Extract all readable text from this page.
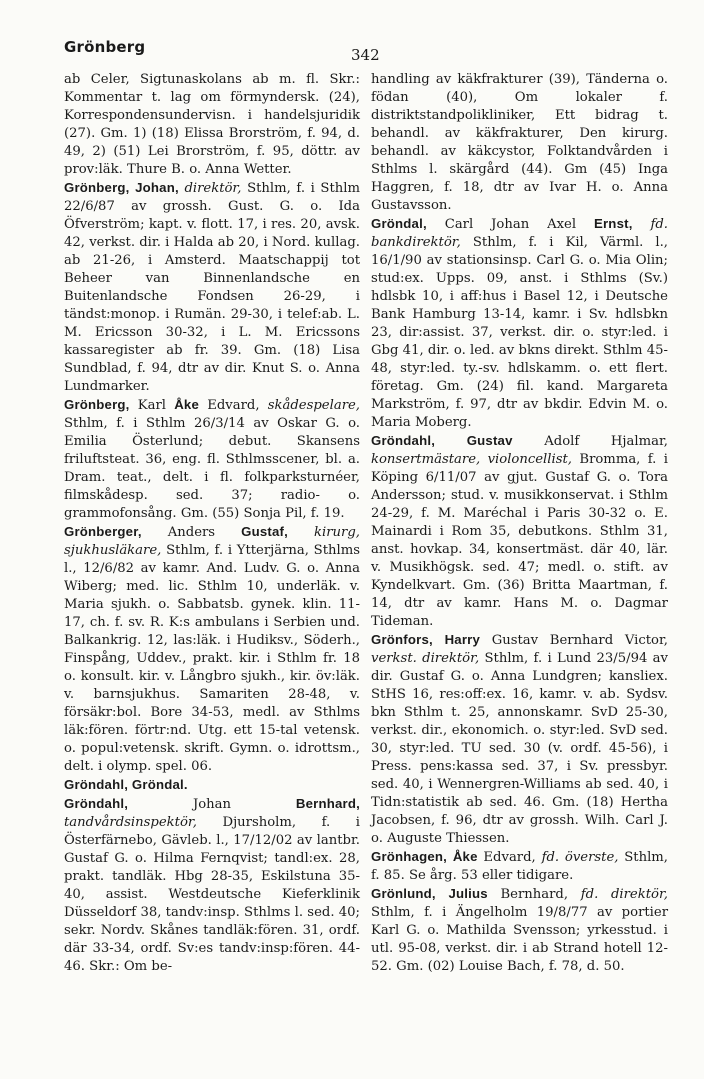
Grönberg	342

ab Celer, Sigtunaskolans ab m. fl. Skr.: Kommentar t. lag om förmyndersk. (24), Korrespondensundervisn. i handelsjuridik (27). Gm. 1) (18) Elissa Brorström, f. 94, d. 49, 2) (51) Lei Brorström, f. 95, döttr. av prov:läk. Thure B. o. Anna Wetter.

Grönberg, Johan, direktör, Sthlm, f. i Sthlm 22/6/87 av grossh. Gust. G. o. Ida Öfverström; kapt. v. flott. 17, i res. 20, avsk. 42, verkst. dir. i Halda ab 20, i Nord. kullag. ab 21-26, i Amsterd. Maatschappij tot Beheer van Binnenlandsche en Buitenlandsche Fondsen 26-29, i tändst:monop. i Rumän. 29-30, i telef:ab. L. M. Ericsson 30-32, i L. M. Ericssons kassaregister ab fr. 39. Gm. (18) Lisa Sundblad, f. 94, dtr av dir. Knut S. o. Anna Lundmarker.

Grönberg, Karl Åke Edvard, skådespelare, Sthlm, f. i Sthlm 26/3/14 av Oskar G. o. Emilia Österlund; debut. Skansens friluftsteat. 36, eng. fl. Sthlmsscener, bl. a. Dram. teat., delt. i fl. folkparksturnéer, filmskådesp. sed. 37; radio- o. grammofonsång. Gm. (55) Sonja Pil, f. 19.

Grönberger, Anders Gustaf, kirurg, sjukhusläkare, Sthlm, f. i Ytterjärna, Sthlms l., 12/6/82 av kamr. And. Ludv. G. o. Anna Wiberg; med. lic. Sthlm 10, underläk. v. Maria sjukh. o. Sabbatsb. gynek. klin. 11-17, ch. f. sv. R. K:s ambulans i Serbien und. Balkankrig. 12, las:läk. i Hudiksv., Söderh., Finspång, Uddev., prakt. kir. i Sthlm fr. 18 o. konsult. kir. v. Långbro sjukh., kir. öv:läk. v. barnsjukhus. Samariten 28-48, v. försäkr:bol. Bore 34-53, medl. av Sthlms läk:fören. förtr:nd. Utg. ett 15-tal vetensk. o. popul:vetensk. skrift. Gymn. o. idrottsm., delt. i olymp. spel. 06.

Gröndahl, Gröndal.

Gröndahl,	Johan	Bernhard, tandvårdsinspektör, Djursholm, f. i Österfärnebo, Gävleb. l., 17/12/02 av lantbr. Gustaf G. o. Hilma Fernqvist; tandl:ex. 28, prakt. tandläk. Hbg 28-35, Eskilstuna 35-40, assist. Westdeutsche Kieferklinik Düsseldorf 38, tandv:insp. Sthlms l. sed. 40; sekr. Nordv. Skånes tandläk:fören. 31, ordf. där 33-34, ordf. Sv:es tandv:insp:fören. 44-46. Skr.: Om be-

handling av käkfrakturer (39), Tänderna o. födan (40), Om lokaler f. distriktstandpolikliniker, Ett bidrag t. behandl. av käkfrakturer, Den kirurg. behandl. av käkcystor, Folktandvården i Sthlms l. skärgård (44). Gm (45) Inga Haggren, f. 18, dtr av Ivar H. o. Anna Gustavsson.

Gröndal, Carl Johan Axel Ernst, fd. bankdirektör, Sthlm, f. i Kil, Värml. l., 16/1/90 av stationsinsp. Carl G. o. Mia Olin; stud:ex. Upps. 09, anst. i Sthlms (Sv.) hdlsbk 10, i aff:hus i Basel 12, i Deutsche Bank Hamburg 13-14, kamr. i Sv. hdlsbkn 23, dir:assist. 37, verkst. dir. o. styr:led. i Gbg 41, dir. o. led. av bkns direkt. Sthlm 45-48, styr:led. ty.-sv. hdlskamm. o. ett flert. företag. Gm. (24) fil. kand. Margareta Markström, f. 97, dtr av bkdir. Edvin M. o. Maria Moberg.

Gröndahl, Gustav Adolf Hjalmar, konsertmästare, violoncellist, Bromma, f. i Köping 6/11/07 av gjut. Gustaf G. o. Tora Andersson; stud. v. musikkonservat. i Sthlm 24-29, f. M. Maréchal i Paris 30-32 o. E. Mainardi i Rom 35, debutkons. Sthlm 31, anst. hovkap. 34, konsertmäst. där 40, lär. v. Musikhögsk. sed. 47; medl. o. stift. av Kyndelkvart. Gm. (36) Britta Maartman, f. 14, dtr av kamr. Hans M. o. Dagmar Tideman.

Grönfors, Harry Gustav Bernhard Victor, verkst. direktör, Sthlm, f. i Lund 23/5/94 av dir. Gustaf G. o. Anna Lundgren; kansliex. StHS 16, res:off:ex. 16, kamr. v. ab. Sydsv. bkn Sthlm t. 25, annonskamr. SvD 25-30, verkst. dir., ekonomich. o. styr:led. SvD sed. 30, styr:led. TU sed. 30 (v. ordf. 45-56), i Press. pens:kassa sed. 37, i Sv. pressbyr. sed. 40, i Wennergren-Williams ab sed. 40, i Tidn:statistik ab sed. 46. Gm. (18) Hertha Jacobsen, f. 96, dtr av grossh. Wilh. Carl J. o. Auguste Thiessen.

Grönhagen, Åke Edvard, fd. överste, Sthlm, f. 85. Se årg. 53 eller tidigare.

Grönlund, Julius Bernhard, fd. direktör, Sthlm, f. i Ängelholm 19/8/77 av portier Karl G. o. Mathilda Svensson; yrkesstud. i utl. 95-08, verkst. dir. i ab Strand hotell 12-52. Gm. (02) Louise Bach, f. 78, d. 50.
